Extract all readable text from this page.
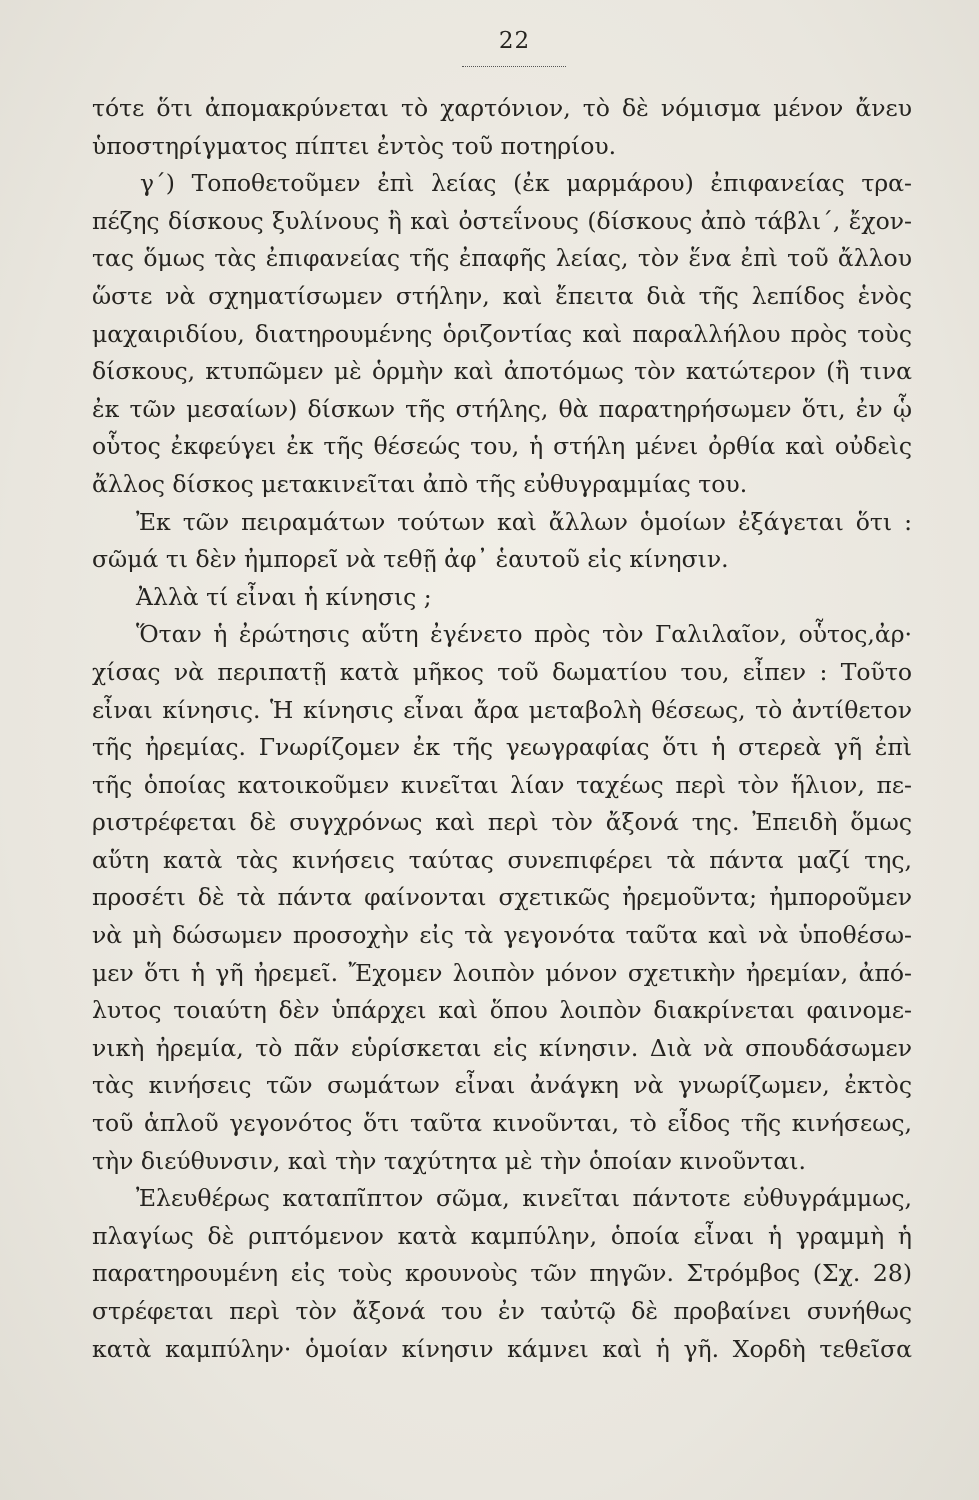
22
τότε ὅτι ἀπομακρύνεται τὸ χαρτόνιον, τὸ δὲ νόμισμα μένον ἄνευ
ὑποστηρίγματος πίπτει ἐντὸς τοῦ ποτηρίου.
γ΄) Τοποθετοῦμεν ἐπὶ λείας (ἐκ μαρμάρου) ἐπιφανείας τρα-
πέζης δίσκους ξυλίνους ἢ καὶ ὀστεΐνους (δίσκους ἀπὸ τάβλι΄, ἔχον-
τας ὅμως τὰς ἐπιφανείας τῆς ἐπαφῆς λείας, τὸν ἕνα ἐπὶ τοῦ ἄλλου
ὥστε νὰ σχηματίσωμεν στήλην, καὶ ἔπειτα διὰ τῆς λεπίδος ἑνὸς
μαχαιριδίου, διατηρουμένης ὁριζοντίας καὶ παραλλήλου πρὸς τοὺς
δίσκους, κτυπῶμεν μὲ ὁρμὴν καὶ ἀποτόμως τὸν κατώτερον (ἢ τινα
ἐκ τῶν μεσαίων) δίσκων τῆς στήλης, θὰ παρατηρήσωμεν ὅτι, ἐν ᾧ
οὗτος ἐκφεύγει ἐκ τῆς θέσεώς του, ἡ στήλη μένει ὀρθία καὶ οὐδεὶς
ἄλλος δίσκος μετακινεῖται ἀπὸ τῆς εὐθυγραμμίας του.
Ἐκ τῶν πειραμάτων τούτων καὶ ἄλλων ὁμοίων ἐξάγεται ὅτι :
σῶμά τι δὲν ἠμπορεῖ νὰ τεθῇ ἀφ᾽ ἑαυτοῦ εἰς κίνησιν.
Ἀλλὰ τί εἶναι ἡ κίνησις ;
Ὅταν ἡ ἐρώτησις αὕτη ἐγένετο πρὸς τὸν Γαλιλαῖον, οὗτος,ἀρ·
χίσας νὰ περιπατῇ κατὰ μῆκος τοῦ δωματίου του, εἶπεν : Τοῦτο
εἶναι κίνησις. Ἡ κίνησις εἶναι ἄρα μεταβολὴ θέσεως, τὸ ἀντίθετον
τῆς ἠρεμίας. Γνωρίζομεν ἐκ τῆς γεωγραφίας ὅτι ἡ στερεὰ γῆ ἐπὶ
τῆς ὁποίας κατοικοῦμεν κινεῖται λίαν ταχέως περὶ τὸν ἥλιον, πε-
ριστρέφεται δὲ συγχρόνως καὶ περὶ τὸν ἄξονά της. Ἐπειδὴ ὅμως
αὕτη κατὰ τὰς κινήσεις ταύτας συνεπιφέρει τὰ πάντα μαζί της,
προσέτι δὲ τὰ πάντα φαίνονται σχετικῶς ἠρεμοῦντα; ἠμποροῦμεν
νὰ μὴ δώσωμεν προσοχὴν εἰς τὰ γεγονότα ταῦτα καὶ νὰ ὑποθέσω-
μεν ὅτι ἡ γῆ ἠρεμεῖ. Ἔχομεν λοιπὸν μόνον σχετικὴν ἠρεμίαν, ἀπό-
λυτος τοιαύτη δὲν ὑπάρχει καὶ ὅπου λοιπὸν διακρίνεται φαινομε-
νικὴ ἠρεμία, τὸ πᾶν εὑρίσκεται εἰς κίνησιν. Διὰ νὰ σπουδάσωμεν
τὰς κινήσεις τῶν σωμάτων εἶναι ἀνάγκη νὰ γνωρίζωμεν, ἐκτὸς
τοῦ ἁπλοῦ γεγονότος ὅτι ταῦτα κινοῦνται, τὸ εἶδος τῆς κινήσεως,
τὴν διεύθυνσιν, καὶ τὴν ταχύτητα μὲ τὴν ὁποίαν κινοῦνται.
Ἐλευθέρως καταπῖπτον σῶμα, κινεῖται πάντοτε εὐθυγράμμως,
πλαγίως δὲ ριπτόμενον κατὰ καμπύλην, ὁποία εἶναι ἡ γραμμὴ ἡ
παρατηρουμένη εἰς τοὺς κρουνοὺς τῶν πηγῶν. Στρόμβος (Σχ. 28)
στρέφεται περὶ τὸν ἄξονά του ἐν ταὐτῷ δὲ προβαίνει συνήθως
κατὰ καμπύλην· ὁμοίαν κίνησιν κάμνει καὶ ἡ γῆ. Χορδὴ τεθεῖσα
